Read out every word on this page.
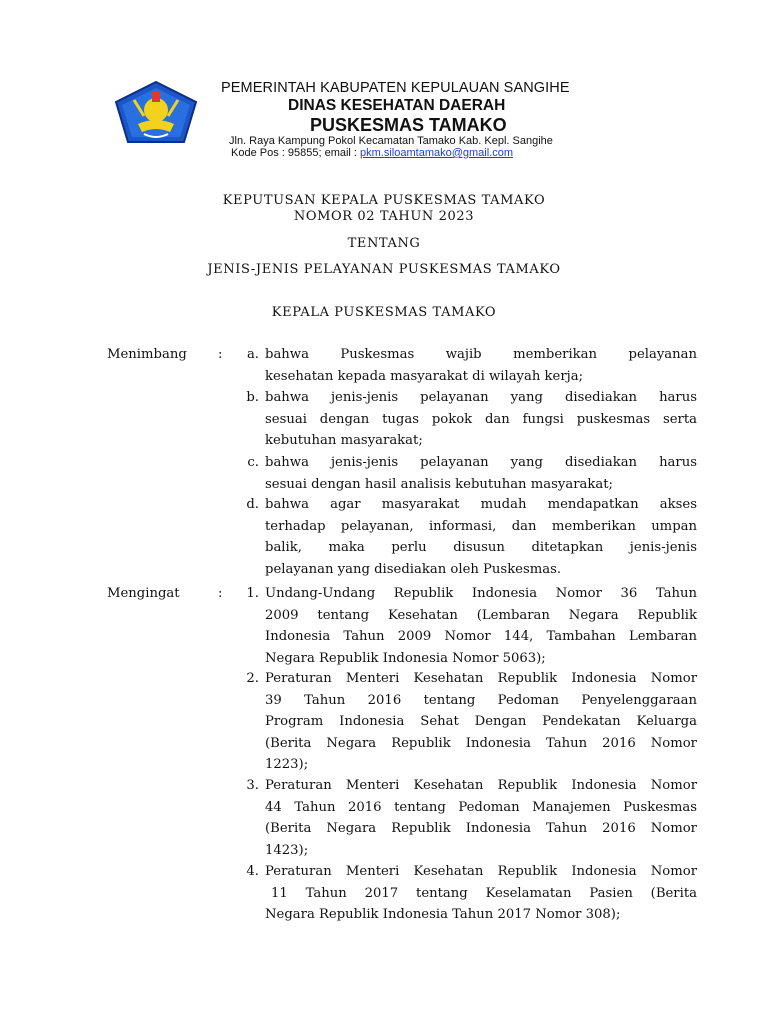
PEMERINTAH KABUPATEN KEPULAUAN SANGIHE
DINAS KESEHATAN DAERAH
PUSKESMAS TAMAKO
Jln. Raya Kampung Pokol Kecamatan Tamako Kab. Kepl. Sangihe
Kode Pos : 95855; email : pkm.siloamtamako@gmail.com
KEPUTUSAN KEPALA PUSKESMAS TAMAKO
NOMOR 02 TAHUN 2023
TENTANG
JENIS-JENIS PELAYANAN PUSKESMAS TAMAKO
KEPALA PUSKESMAS TAMAKO
Menimbang :	a. bahwa Puskesmas wajib memberikan pelayanan
kesehatan kepada masyarakat di wilayah kerja;
b. bahwa jenis-jenis pelayanan yang disediakan harus
sesuai dengan tugas pokok dan fungsi puskesmas serta
kebutuhan masyarakat;
c. bahwa jenis-jenis pelayanan yang disediakan harus
sesuai dengan hasil analisis kebutuhan masyarakat;
d. bahwa agar masyarakat mudah mendapatkan akses
terhadap pelayanan, informasi, dan memberikan umpan
balik, maka perlu disusun ditetapkan jenis-jenis
pelayanan yang disediakan oleh Puskesmas.
Mengingat	:	1. Undang-Undang Republik Indonesia Nomor 36 Tahun
2009 tentang Kesehatan (Lembaran Negara Republik
Indonesia Tahun 2009 Nomor 144, Tambahan Lembaran
Negara Republik Indonesia Nomor 5063);
2. Peraturan Menteri Kesehatan Republik Indonesia Nomor
39 Tahun 2016 tentang Pedoman Penyelenggaraan
Program Indonesia Sehat Dengan Pendekatan Keluarga
(Berita Negara Republik Indonesia Tahun 2016 Nomor
1223);
3. Peraturan Menteri Kesehatan Republik Indonesia Nomor
44 Tahun 2016 tentang Pedoman Manajemen Puskesmas
(Berita Negara Republik Indonesia Tahun 2016 Nomor
1423);
4. Peraturan Menteri Kesehatan Republik Indonesia Nomor
11 Tahun 2017 tentang Keselamatan Pasien (Berita
Negara Republik Indonesia Tahun 2017 Nomor 308);
